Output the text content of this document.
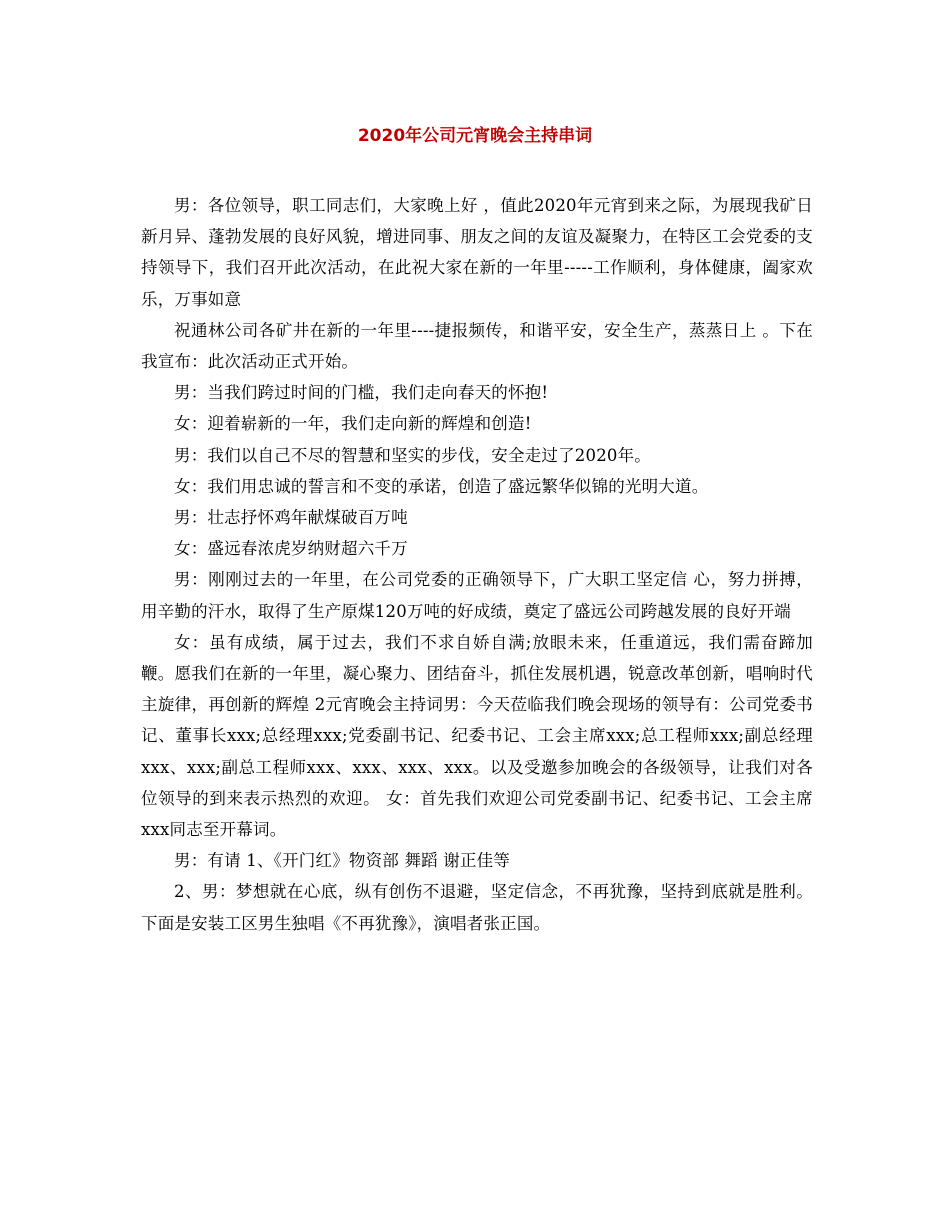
2020年公司元宵晚会主持串词

男：各位领导，职工同志们，大家晚上好 ，值此2020年元宵到来之际，为展现我矿日新月异、蓬勃发展的良好风貌，增进同事、朋友之间的友谊及凝聚力，在特区工会党委的支持领导下，我们召开此次活动，在此祝大家在新的一年里-----工作顺利，身体健康，阖家欢乐，万事如意

祝通林公司各矿井在新的一年里----捷报频传，和谐平安，安全生产，蒸蒸日上 。下在我宣布：此次活动正式开始。

男：当我们跨过时间的门槛，我们走向春天的怀抱!

女：迎着崭新的一年，我们走向新的辉煌和创造!

男：我们以自己不尽的智慧和坚实的步伐，安全走过了2020年。

女：我们用忠诚的誓言和不变的承诺，创造了盛远繁华似锦的光明大道。

男：壮志抒怀鸡年献煤破百万吨

女：盛远春浓虎岁纳财超六千万

男：刚刚过去的一年里，在公司党委的正确领导下，广大职工坚定信 心，努力拼搏，用辛勤的汗水，取得了生产原煤120万吨的好成绩，奠定了盛远公司跨越发展的良好开端

女：虽有成绩，属于过去，我们不求自娇自满;放眼未来，任重道远，我们需奋蹄加鞭。愿我们在新的一年里，凝心聚力、团结奋斗，抓住发展机遇，锐意改革创新，唱响时代主旋律，再创新的辉煌 2元宵晚会主持词男：今天莅临我们晚会现场的领导有：公司党委书记、董事长xxx;总经理xxx;党委副书记、纪委书记、工会主席xxx;总工程师xxx;副总经理xxx、xxx;副总工程师xxx、xxx、xxx、xxx。以及受邀参加晚会的各级领导，让我们对各位领导的到来表示热烈的欢迎。 女：首先我们欢迎公司党委副书记、纪委书记、工会主席xxx同志至开幕词。

男：有请 1、《开门红》物资部 舞蹈 谢正佳等

2、男：梦想就在心底，纵有创伤不退避，坚定信念，不再犹豫，坚持到底就是胜利。下面是安装工区男生独唱《不再犹豫》，演唱者张正国。
